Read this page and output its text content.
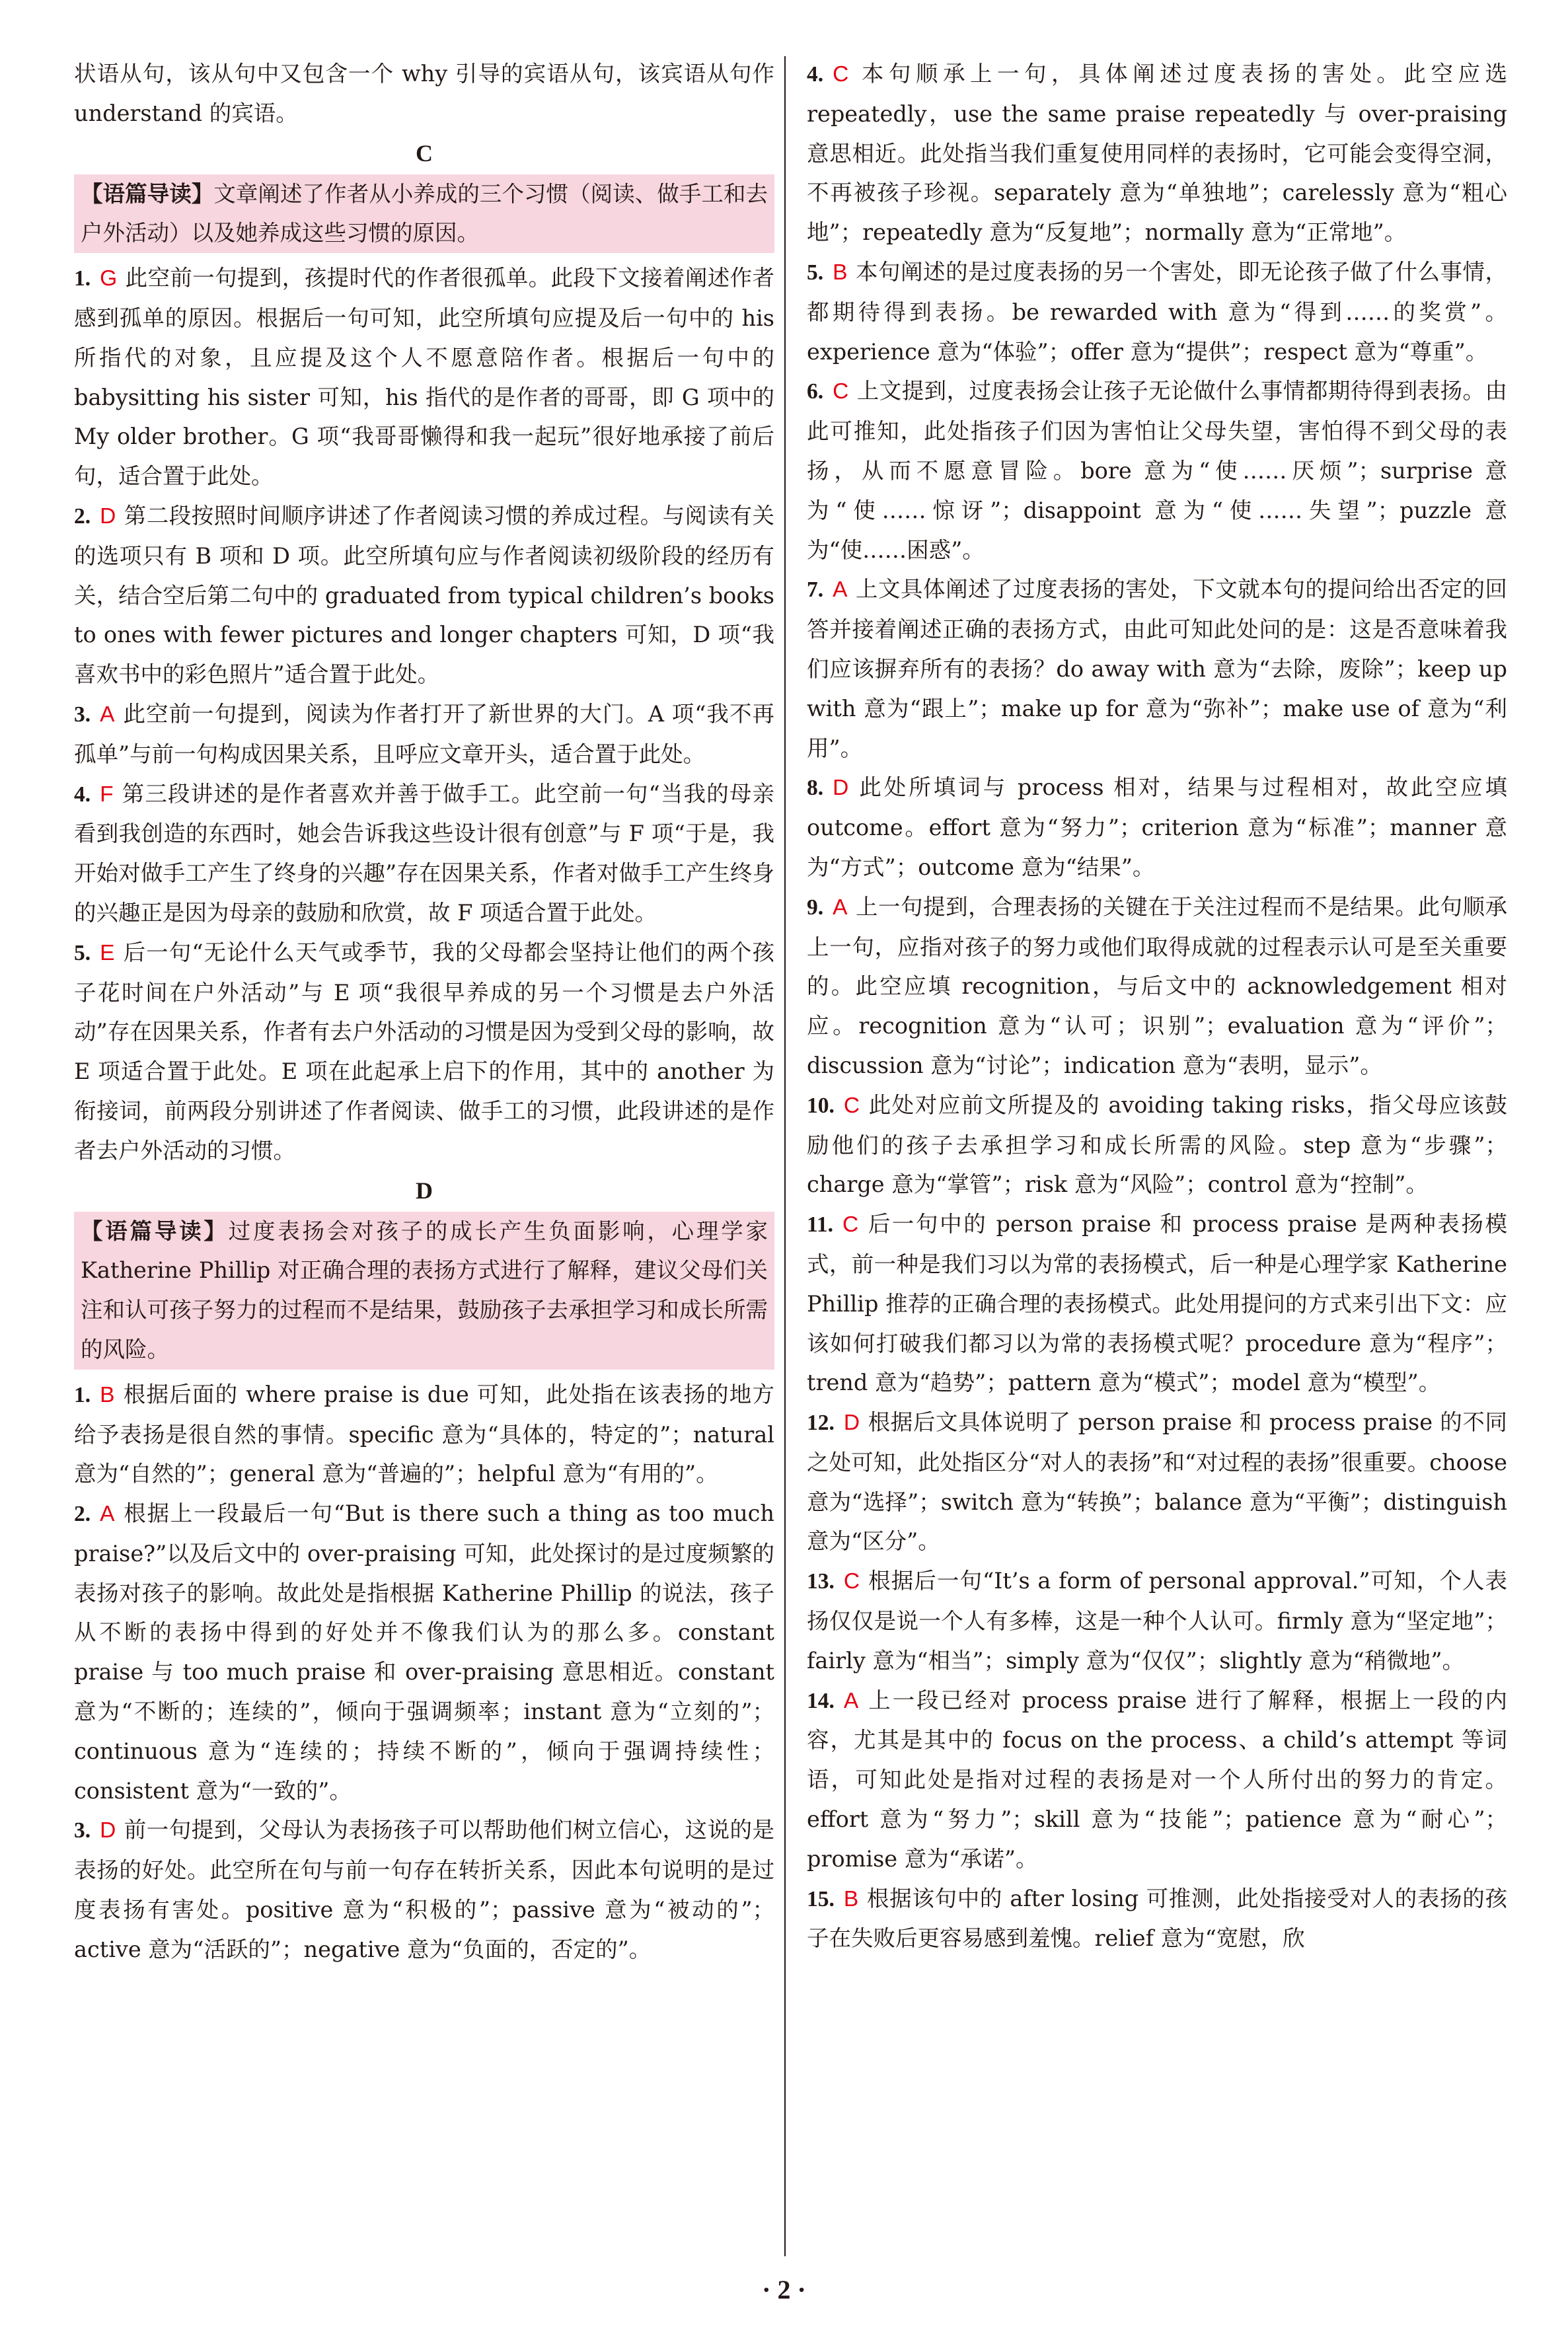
状语从句，该从句中又包含一个 why 引导的宾语从句，该宾语从句作 understand 的宾语。

C

【语篇导读】文章阐述了作者从小养成的三个习惯（阅读、做手工和去户外活动）以及她养成这些习惯的原因。

1. G 此空前一句提到，孩提时代的作者很孤单。此段下文接着阐述作者感到孤单的原因。根据后一句可知，此空所填句应提及后一句中的 his 所指代的对象，且应提及这个人不愿意陪作者。根据后一句中的 babysitting his sister 可知，his 指代的是作者的哥哥，即 G 项中的 My older brother。G 项“我哥哥懒得和我一起玩”很好地承接了前后句，适合置于此处。

2. D 第二段按照时间顺序讲述了作者阅读习惯的养成过程。与阅读有关的选项只有 B 项和 D 项。此空所填句应与作者阅读初级阶段的经历有关，结合空后第二句中的 graduated from typical children’s books to ones with fewer pictures and longer chapters 可知，D 项“我喜欢书中的彩色照片”适合置于此处。

3. A 此空前一句提到，阅读为作者打开了新世界的大门。A 项“我不再孤单”与前一句构成因果关系，且呼应文章开头，适合置于此处。

4. F 第三段讲述的是作者喜欢并善于做手工。此空前一句“当我的母亲看到我创造的东西时，她会告诉我这些设计很有创意”与 F 项“于是，我开始对做手工产生了终身的兴趣”存在因果关系，作者对做手工产生终身的兴趣正是因为母亲的鼓励和欣赏，故 F 项适合置于此处。

5. E 后一句“无论什么天气或季节，我的父母都会坚持让他们的两个孩子花时间在户外活动”与 E 项“我很早养成的另一个习惯是去户外活动”存在因果关系，作者有去户外活动的习惯是因为受到父母的影响，故 E 项适合置于此处。E 项在此起承上启下的作用，其中的 another 为衔接词，前两段分别讲述了作者阅读、做手工的习惯，此段讲述的是作者去户外活动的习惯。

D

【语篇导读】过度表扬会对孩子的成长产生负面影响，心理学家 Katherine Phillip 对正确合理的表扬方式进行了解释，建议父母们关注和认可孩子努力的过程而不是结果，鼓励孩子去承担学习和成长所需的风险。

1. B 根据后面的 where praise is due 可知，此处指在该表扬的地方给予表扬是很自然的事情。specific 意为“具体的，特定的”；natural 意为“自然的”；general 意为“普遍的”；helpful 意为“有用的”。

2. A 根据上一段最后一句“But is there such a thing as too much praise?”以及后文中的 over-praising 可知，此处探讨的是过度频繁的表扬对孩子的影响。故此处是指根据 Katherine Phillip 的说法，孩子从不断的表扬中得到的好处并不像我们认为的那么多。constant praise 与 too much praise 和 over-praising 意思相近。constant 意为“不断的；连续的”，倾向于强调频率；instant 意为“立刻的”；continuous 意为“连续的；持续不断的”，倾向于强调持续性；consistent 意为“一致的”。

3. D 前一句提到，父母认为表扬孩子可以帮助他们树立信心，这说的是表扬的好处。此空所在句与前一句存在转折关系，因此本句说明的是过度表扬有害处。positive 意为“积极的”；passive 意为“被动的”；active 意为“活跃的”；negative 意为“负面的，否定的”。

4. C 本句顺承上一句，具体阐述过度表扬的害处。此空应选 repeatedly，use the same praise repeatedly 与 over-praising 意思相近。此处指当我们重复使用同样的表扬时，它可能会变得空洞，不再被孩子珍视。separately 意为“单独地”；carelessly 意为“粗心地”；repeatedly 意为“反复地”；normally 意为“正常地”。

5. B 本句阐述的是过度表扬的另一个害处，即无论孩子做了什么事情，都期待得到表扬。be rewarded with 意为“得到……的奖赏”。experience 意为“体验”；offer 意为“提供”；respect 意为“尊重”。

6. C 上文提到，过度表扬会让孩子无论做什么事情都期待得到表扬。由此可推知，此处指孩子们因为害怕让父母失望，害怕得不到父母的表扬，从而不愿意冒险。bore 意为“使……厌烦”；surprise 意为“使……惊讶”；disappoint 意为“使……失望”；puzzle 意为“使……困惑”。

7. A 上文具体阐述了过度表扬的害处，下文就本句的提问给出否定的回答并接着阐述正确的表扬方式，由此可知此处问的是：这是否意味着我们应该摒弃所有的表扬？do away with 意为“去除，废除”；keep up with 意为“跟上”；make up for 意为“弥补”；make use of 意为“利用”。

8. D 此处所填词与 process 相对，结果与过程相对，故此空应填 outcome。effort 意为“努力”；criterion 意为“标准”；manner 意为“方式”；outcome 意为“结果”。

9. A 上一句提到，合理表扬的关键在于关注过程而不是结果。此句顺承上一句，应指对孩子的努力或他们取得成就的过程表示认可是至关重要的。此空应填 recognition，与后文中的 acknowledgement 相对应。recognition 意为“认可；识别”；evaluation 意为“评价”；discussion 意为“讨论”；indication 意为“表明，显示”。

10. C 此处对应前文所提及的 avoiding taking risks，指父母应该鼓励他们的孩子去承担学习和成长所需的风险。step 意为“步骤”；charge 意为“掌管”；risk 意为“风险”；control 意为“控制”。

11. C 后一句中的 person praise 和 process praise 是两种表扬模式，前一种是我们习以为常的表扬模式，后一种是心理学家 Katherine Phillip 推荐的正确合理的表扬模式。此处用提问的方式来引出下文：应该如何打破我们都习以为常的表扬模式呢？procedure 意为“程序”；trend 意为“趋势”；pattern 意为“模式”；model 意为“模型”。

12. D 根据后文具体说明了 person praise 和 process praise 的不同之处可知，此处指区分“对人的表扬”和“对过程的表扬”很重要。choose 意为“选择”；switch 意为“转换”；balance 意为“平衡”；distinguish 意为“区分”。

13. C 根据后一句“It’s a form of personal approval.”可知，个人表扬仅仅是说一个人有多棒，这是一种个人认可。firmly 意为“坚定地”；fairly 意为“相当”；simply 意为“仅仅”；slightly 意为“稍微地”。

14. A 上一段已经对 process praise 进行了解释，根据上一段的内容，尤其是其中的 focus on the process、a child’s attempt 等词语，可知此处是指对过程的表扬是对一个人所付出的努力的肯定。effort 意为“努力”；skill 意为“技能”；patience 意为“耐心”；promise 意为“承诺”。

15. B 根据该句中的 after losing 可推测，此处指接受对人的表扬的孩子在失败后更容易感到羞愧。relief 意为“宽慰，欣

· 2 ·
